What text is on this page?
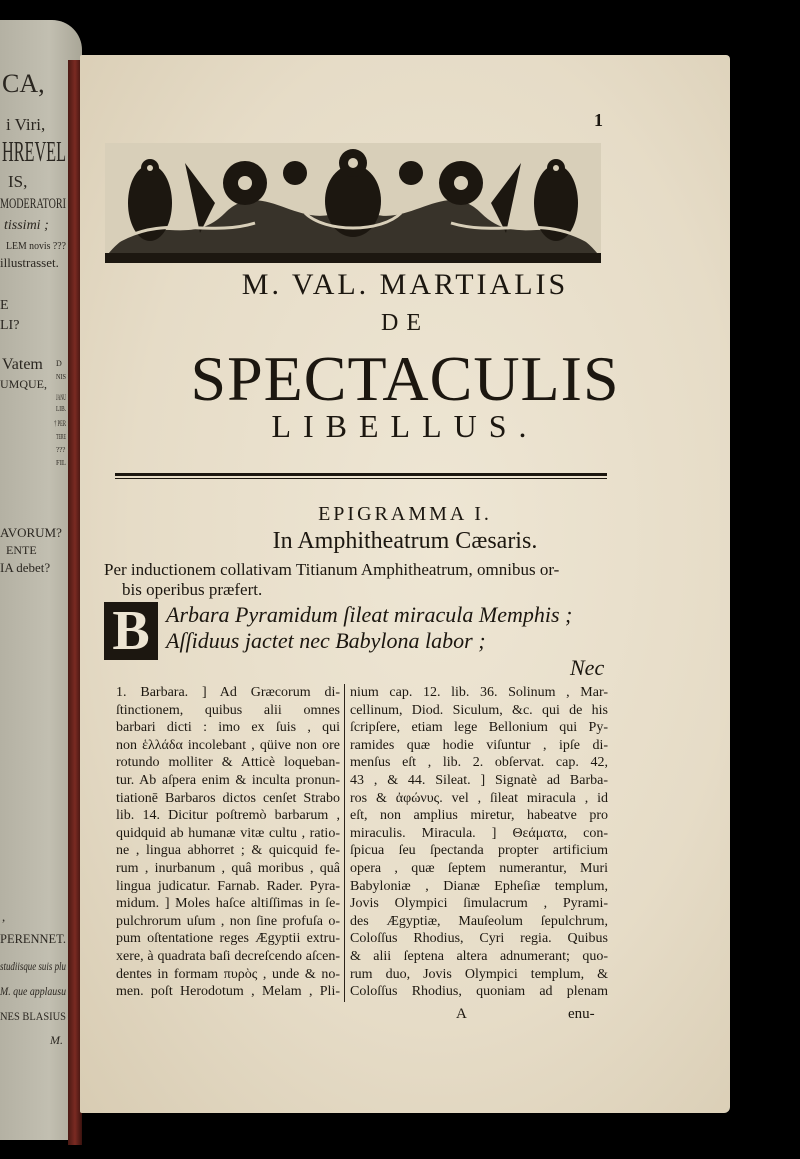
CA,
i Viri,
HREVEL
IS,
MODERATORI
tissimi ;
LEM novis ???
illustrasset.
E
LI?
Vatem
UMQUE,
D
NIS
JANU
LIB.
† PER
TERE
???
FIL
AVORUM?
ENTE
IA debet?
,
PERENNET.
studiisque suis plu
M. que applausu
NES BLASIUS
M.
1
M. VAL. MARTIALIS
DE
SPECTACULIS
LIBELLUS.
EPIGRAMMA I.
In Amphitheatrum Cæsaris.
Per inductionem collativam Titianum Amphitheatrum, omnibus or-
bis operibus præfert.
B Arbara Pyramidum ſileat miracula Memphis ;
Aſſiduus jactet nec Babylona labor ;
Nec
1. Barbara. ] Ad Græcorum di-
ſtinctionem, quibus alii omnes
barbari dicti : imo ex ſuis , qui
non ἑλλάδα incolebant , qüive non ore
rotundo molliter & Atticè loqueban-
tur. Ab aſpera enim & inculta pronun-
tiationē Barbaros dictos cenſet Strabo
lib. 14. Dicitur poſtremò barbarum ,
quidquid ab humanæ vitæ cultu , ratio-
ne , lingua abhorret ; & quicquid fe-
rum , inurbanum , quâ moribus , quâ
lingua judicatur. Farnab. Rader. Pyra-
midum. ] Moles haſce altiſſimas in ſe-
pulchrorum uſum , non ſine profuſa o-
pum oſtentatione reges Ægyptii extru-
xere, à quadrata baſi decreſcendo aſcen-
dentes in formam πυρὸς , unde & no-
men. poſt Herodotum , Melam , Pli-
nium cap. 12. lib. 36. Solinum , Mar-
cellinum, Diod. Siculum, &c. qui de his
ſcripſere, etiam lege Bellonium qui Py-
ramides quæ hodie viſuntur , ipſe di-
menſus eſt , lib. 2. obſervat. cap. 42,
43 , & 44. Sileat. ] Signatè ad Barba-
ros & ἀφώνυς. vel , ſileat miracula , id
eſt, non amplius miretur, habeatve pro
miraculis. Miracula. ] Θεάματα, con-
ſpicua ſeu ſpectanda propter artificium
opera , quæ ſeptem numerantur, Muri
Babyloniæ , Dianæ Epheſiæ templum,
Jovis Olympici ſimulacrum , Pyrami-
des Ægyptiæ, Mauſeolum ſepulchrum,
Coloſſus Rhodius, Cyri regia. Quibus
& alii ſeptena altera adnumerant; quo-
rum duo, Jovis Olympici templum, &
Coloſſus Rhodius, quoniam ad plenam
A	enu-
